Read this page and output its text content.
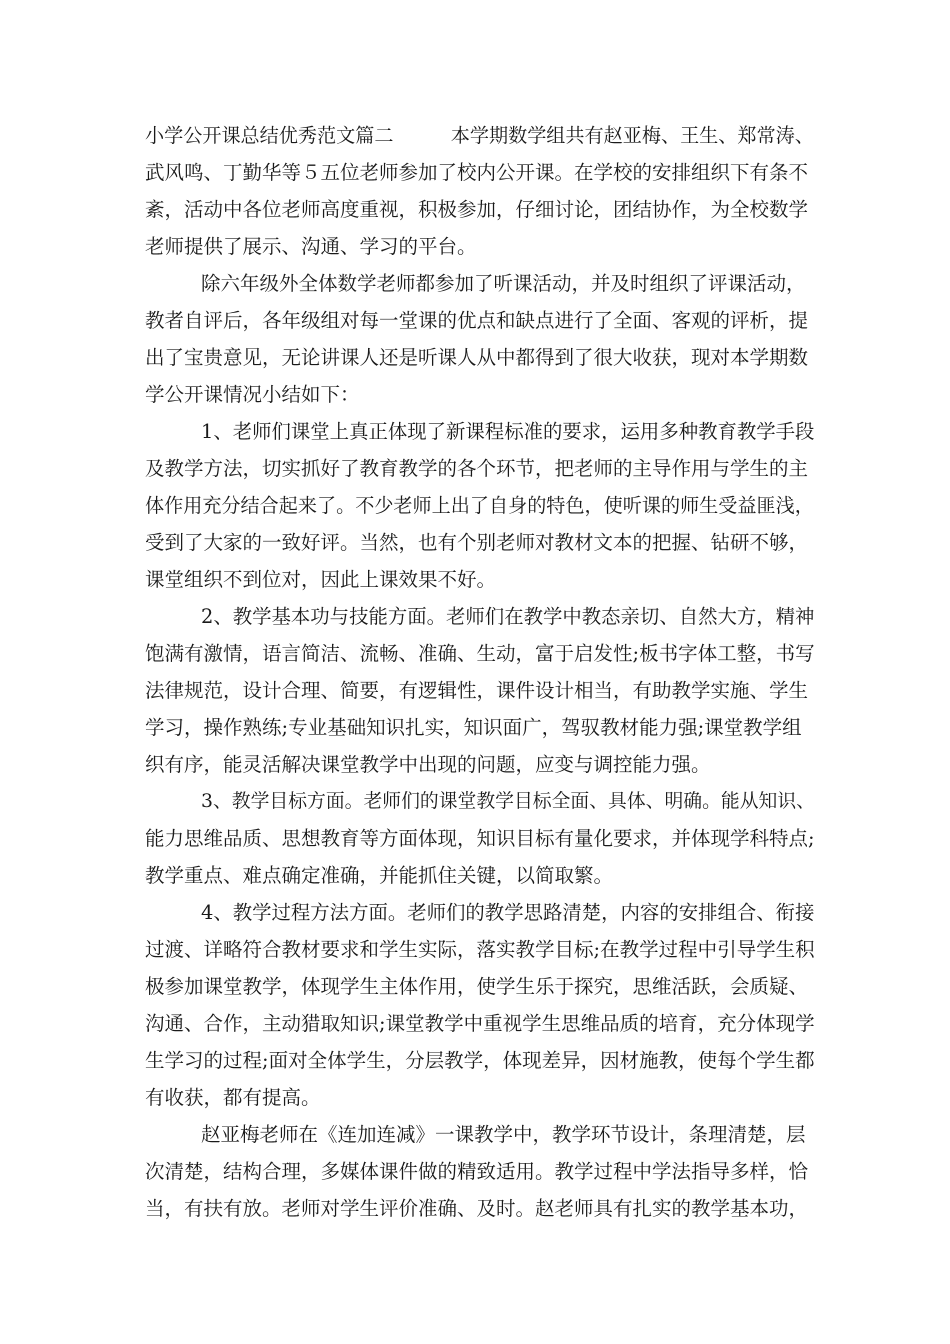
小学公开课总结优秀范文篇二　　　本学期数学组共有赵亚梅、王生、郑常涛、
武风鸣、丁勤华等５五位老师参加了校内公开课。在学校的安排组织下有条不
紊，活动中各位老师高度重视，积极参加，仔细讨论，团结协作，为全校数学
老师提供了展示、沟通、学习的平台。
除六年级外全体数学老师都参加了听课活动，并及时组织了评课活动，
教者自评后，各年级组对每一堂课的优点和缺点进行了全面、客观的评析，提
出了宝贵意见，无论讲课人还是听课人从中都得到了很大收获，现对本学期数
学公开课情况小结如下：
1、老师们课堂上真正体现了新课程标准的要求，运用多种教育教学手段
及教学方法，切实抓好了教育教学的各个环节，把老师的主导作用与学生的主
体作用充分结合起来了。不少老师上出了自身的特色，使听课的师生受益匪浅，
受到了大家的一致好评。当然，也有个别老师对教材文本的把握、钻研不够，
课堂组织不到位对，因此上课效果不好。
2、教学基本功与技能方面。老师们在教学中教态亲切、自然大方，精神
饱满有激情，语言简洁、流畅、准确、生动，富于启发性;板书字体工整，书写
法律规范，设计合理、简要，有逻辑性，课件设计相当，有助教学实施、学生
学习，操作熟练;专业基础知识扎实，知识面广，驾驭教材能力强;课堂教学组
织有序，能灵活解决课堂教学中出现的问题，应变与调控能力强。
3、教学目标方面。老师们的课堂教学目标全面、具体、明确。能从知识、
能力思维品质、思想教育等方面体现，知识目标有量化要求，并体现学科特点;
教学重点、难点确定准确，并能抓住关键，以简取繁。
4、教学过程方法方面。老师们的教学思路清楚，内容的安排组合、衔接
过渡、详略符合教材要求和学生实际，落实教学目标;在教学过程中引导学生积
极参加课堂教学，体现学生主体作用，使学生乐于探究，思维活跃，会质疑、
沟通、合作，主动猎取知识;课堂教学中重视学生思维品质的培育，充分体现学
生学习的过程;面对全体学生，分层教学，体现差异，因材施教，使每个学生都
有收获，都有提高。
赵亚梅老师在《连加连减》一课教学中，教学环节设计，条理清楚，层
次清楚，结构合理，多媒体课件做的精致适用。教学过程中学法指导多样，恰
当，有扶有放。老师对学生评价准确、及时。赵老师具有扎实的教学基本功，
